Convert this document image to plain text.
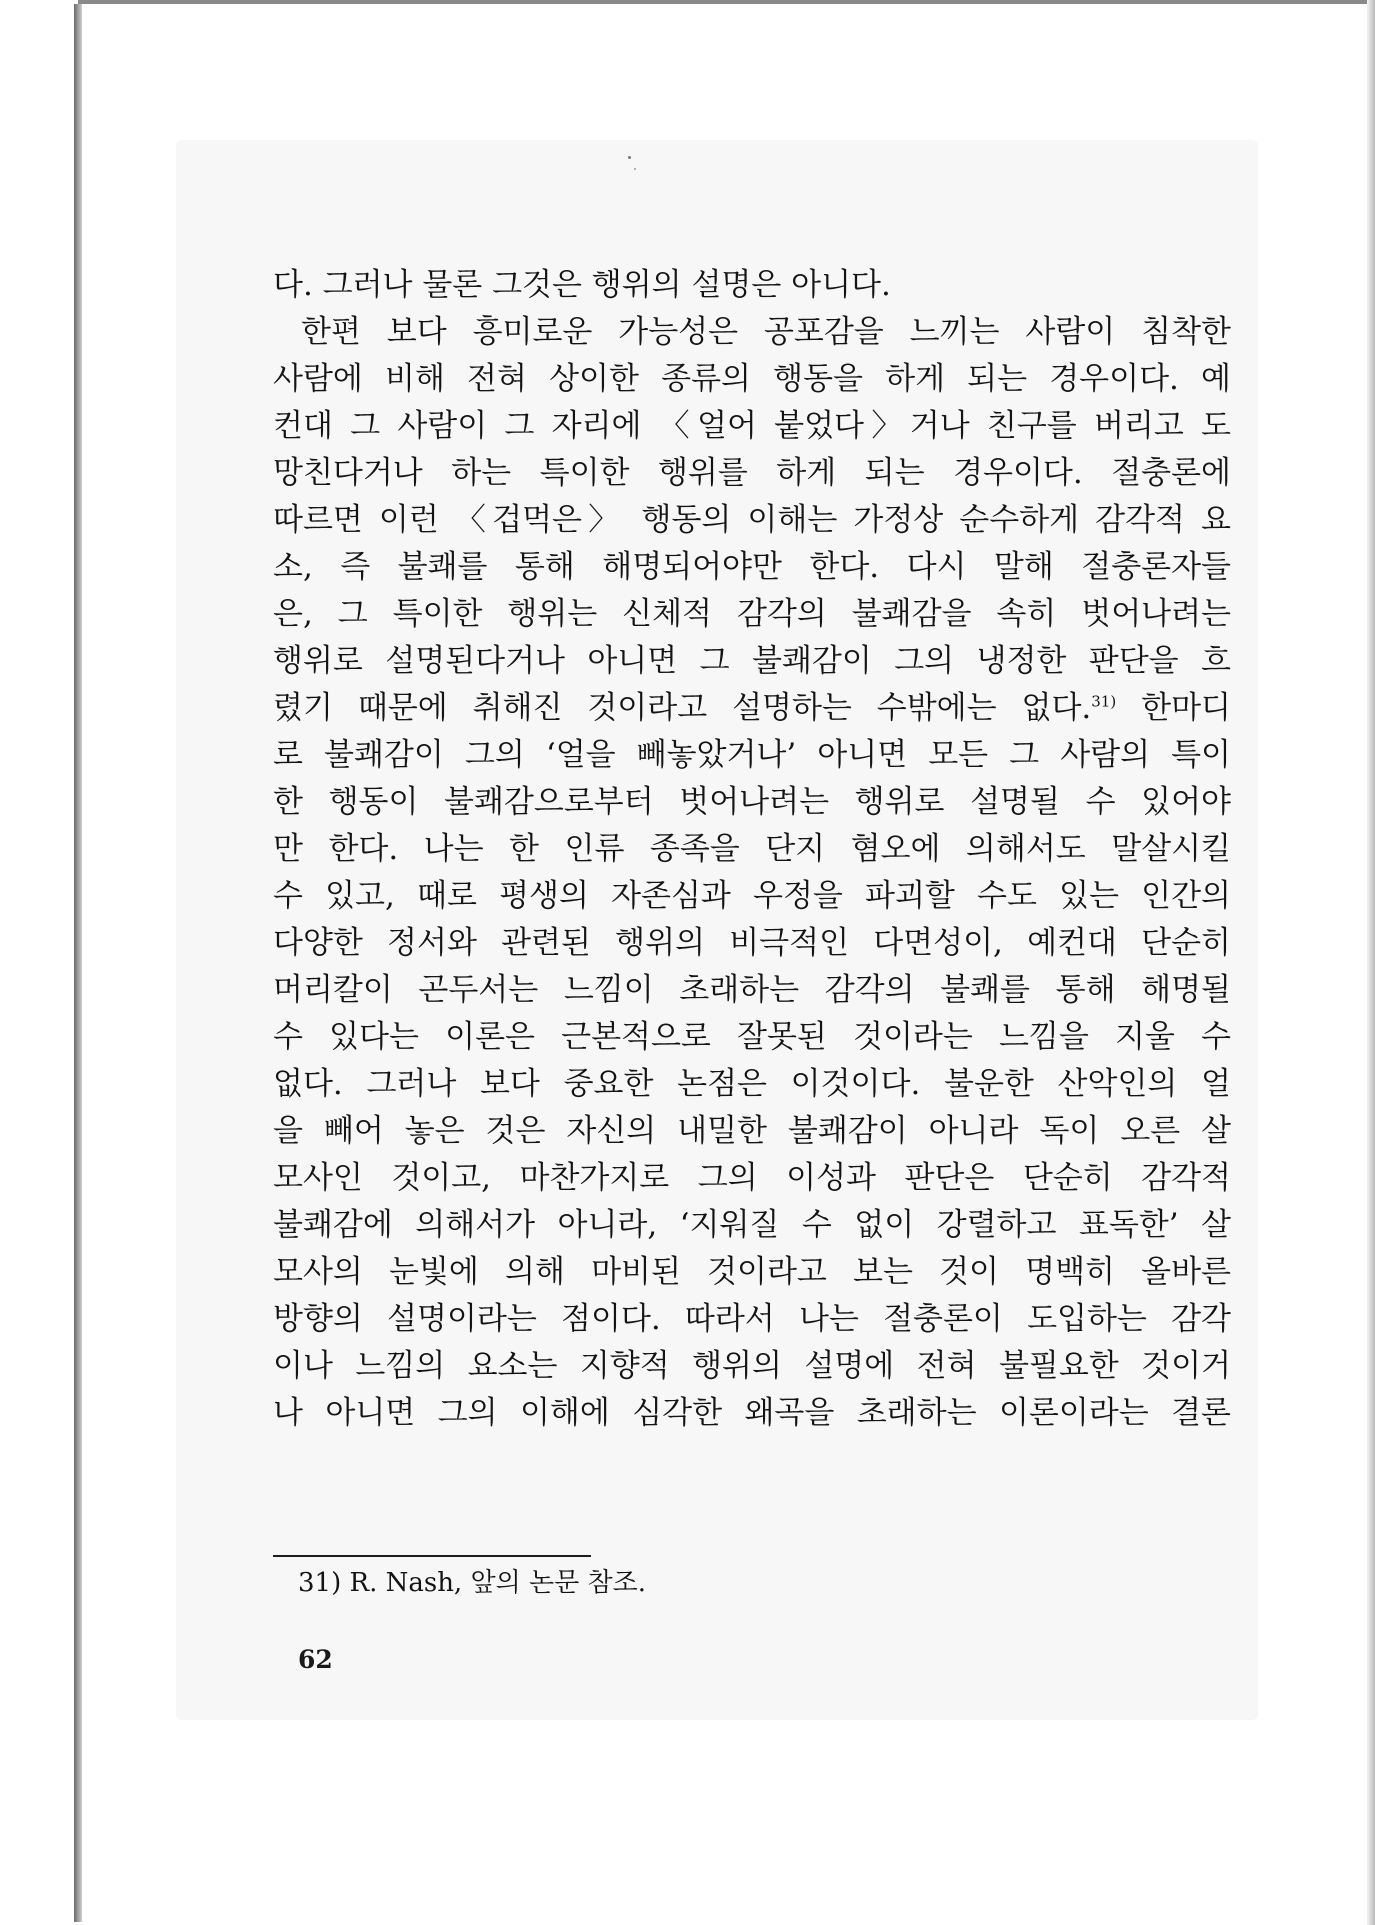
다. 그러나 물론 그것은 행위의 설명은 아니다.
한편 보다 흥미로운 가능성은 공포감을 느끼는 사람이 침착한
사람에 비해 전혀 상이한 종류의 행동을 하게 되는 경우이다. 예
컨대 그 사람이 그 자리에 〈얼어 붙었다〉거나 친구를 버리고 도
망친다거나 하는 특이한 행위를 하게 되는 경우이다. 절충론에
따르면 이런 〈겁먹은〉 행동의 이해는 가정상 순수하게 감각적 요
소, 즉 불쾌를 통해 해명되어야만 한다. 다시 말해 절충론자들
은, 그 특이한 행위는 신체적 감각의 불쾌감을 속히 벗어나려는
행위로 설명된다거나 아니면 그 불쾌감이 그의 냉정한 판단을 흐
렸기 때문에 취해진 것이라고 설명하는 수밖에는 없다.$^{31)}$ 한마디
로 불쾌감이 그의 ‘얼을 빼놓았거나’ 아니면 모든 그 사람의 특이
한 행동이 불쾌감으로부터 벗어나려는 행위로 설명될 수 있어야
만 한다. 나는 한 인류 종족을 단지 혐오에 의해서도 말살시킬
수 있고, 때로 평생의 자존심과 우정을 파괴할 수도 있는 인간의
다양한 정서와 관련된 행위의 비극적인 다면성이, 예컨대 단순히
머리칼이 곤두서는 느낌이 초래하는 감각의 불쾌를 통해 해명될
수 있다는 이론은 근본적으로 잘못된 것이라는 느낌을 지울 수
없다. 그러나 보다 중요한 논점은 이것이다. 불운한 산악인의 얼
을 빼어 놓은 것은 자신의 내밀한 불쾌감이 아니라 독이 오른 살
모사인 것이고, 마찬가지로 그의 이성과 판단은 단순히 감각적
불쾌감에 의해서가 아니라, ‘지워질 수 없이 강렬하고 표독한’ 살
모사의 눈빛에 의해 마비된 것이라고 보는 것이 명백히 올바른
방향의 설명이라는 점이다. 따라서 나는 절충론이 도입하는 감각
이나 느낌의 요소는 지향적 행위의 설명에 전혀 불필요한 것이거
나 아니면 그의 이해에 심각한 왜곡을 초래하는 이론이라는 결론
31) R. Nash, 앞의 논문 참조.
62
